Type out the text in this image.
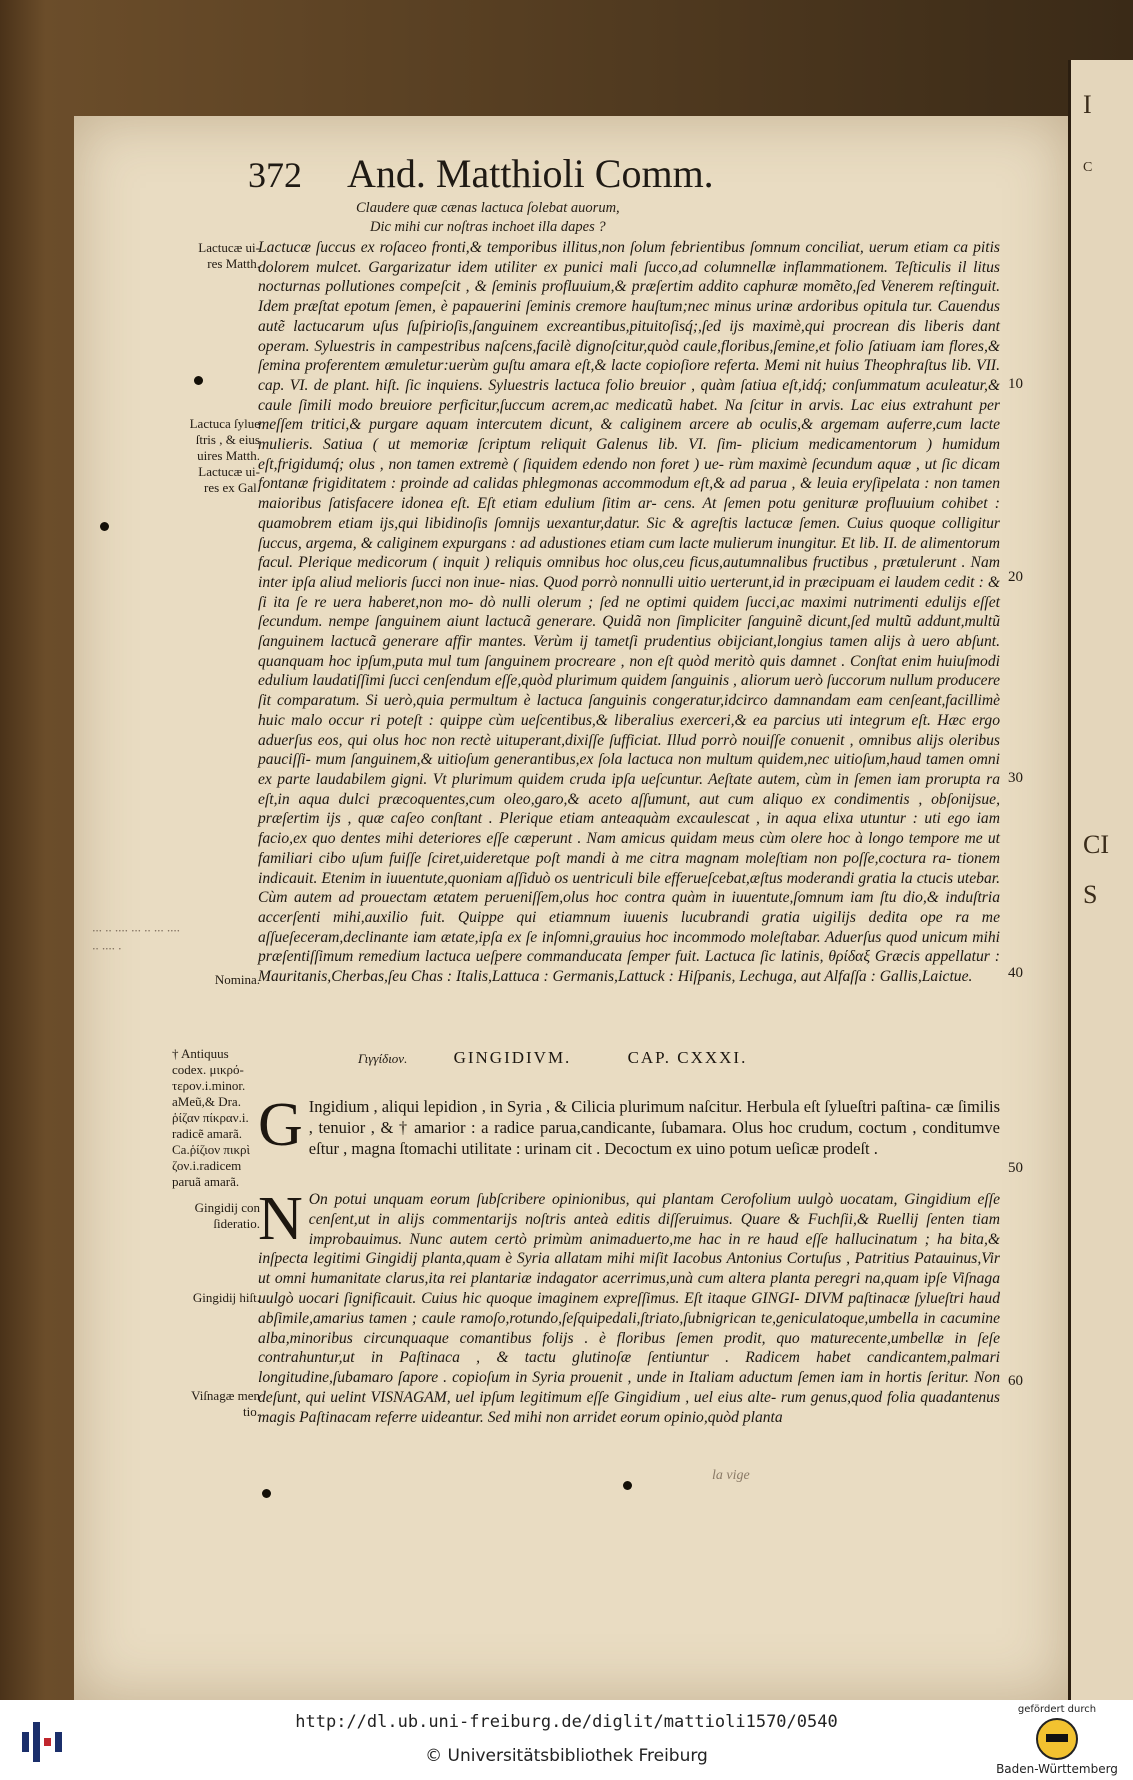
I
C
CI
S
372 And. Matthioli Comm.
Claudere quæ cænas lactuca ſolebat auorum,
Dic mihi cur noſtras inchoet illa dapes ?
Lactucæ ſuccus ex roſaceo fronti,& temporibus illitus,non ſolum febrientibus ſomnum conciliat, uerum etiam ca pitis dolorem mulcet. Gargarizatur idem utiliter ex punici mali ſucco,ad columnellæ inflammationem. Teſticulis il litus nocturnas pollutiones compeſcit , & ſeminis profluuium,& præſertim addito caphuræ momẽto,ſed Venerem reſtinguit. Idem præſtat epotum ſemen, è papauerini ſeminis cremore hauſtum;nec minus urinæ ardoribus opitula tur. Cauendus autẽ lactucarum uſus ſuſpirioſis,ſanguinem excreantibus,pituitoſisq́;,ſed ijs maximè,qui procrean dis liberis dant operam. Syluestris in campestribus naſcens,facilè dignoſcitur,quòd caule,floribus,ſemine,et folio ſatiuam iam flores,& ſemina proferentem æmuletur:uerùm guſtu amara eſt,& lacte copioſiore referta. Memi nit huius Theophraſtus lib. VII. cap. VI. de plant. hiſt. ſic inquiens. Syluestris lactuca folio breuior , quàm ſatiua eſt,idq́; conſummatum aculeatur,& caule ſimili modo breuiore perficitur,ſuccum acrem,ac medicatũ habet. Na ſcitur in arvis. Lac eius extrahunt per meſſem tritici,& purgare aquam intercutem dicunt, & caliginem arcere ab oculis,& argemam auferre,cum lacte mulieris. Satiua ( ut memoriæ ſcriptum reliquit Galenus lib. VI. ſim- plicium medicamentorum ) humidum eſt,frigidumq́; olus , non tamen extremè ( ſiquidem edendo non foret ) ue- rùm maximè ſecundum aquæ , ut ſic dicam fontanæ frigiditatem : proinde ad calidas phlegmonas accommodum eſt,& ad parua , & leuia eryſipelata : non tamen maioribus ſatisfacere idonea eſt. Eſt etiam edulium ſitim ar- cens. At ſemen potu genituræ profluuium cohibet : quamobrem etiam ijs,qui libidinoſis ſomnijs uexantur,datur. Sic & agreſtis lactucæ ſemen. Cuius quoque colligitur ſuccus, argema, & caliginem expurgans : ad adustiones etiam cum lacte mulierum inungitur. Et lib. II. de alimentorum facul. Plerique medicorum ( inquit ) reliquis omnibus hoc olus,ceu ficus,autumnalibus fructibus , prætulerunt . Nam inter ipſa aliud melioris ſucci non inue- nias. Quod porrò nonnulli uitio uerterunt,id in præcipuam ei laudem cedit : & ſi ita ſe re uera haberet,non mo- dò nulli olerum ; ſed ne optimi quidem ſucci,ac maximi nutrimenti edulijs eſſet ſecundum. nempe ſanguinem aiunt lactucã generare. Quidã non ſimpliciter ſanguinẽ dicunt,ſed multũ addunt,multũ ſanguinem lactucã generare affir mantes. Verùm ij tametſi prudentius obijciant,longius tamen alijs à uero abſunt. quanquam hoc ipſum,puta mul tum ſanguinem procreare , non eſt quòd meritò quis damnet . Conſtat enim huiuſmodi edulium laudatiſſimi ſucci cenſendum eſſe,quòd plurimum quidem ſanguinis , aliorum uerò ſuccorum nullum producere ſit comparatum. Si uerò,quia permultum è lactuca ſanguinis congeratur,idcirco damnandam eam cenſeant,facillimè huic malo occur ri poteſt : quippe cùm ueſcentibus,& liberalius exerceri,& ea parcius uti integrum eſt. Hæc ergo aduerſus eos, qui olus hoc non rectè uituperant,dixiſſe ſufficiat. Illud porrò nouiſſe conuenit , omnibus alijs oleribus pauciſſi- mum ſanguinem,& uitioſum generantibus,ex ſola lactuca non multum quidem,nec uitioſum,haud tamen omni ex parte laudabilem gigni. Vt plurimum quidem cruda ipſa ueſcuntur. Aeſtate autem, cùm in ſemen iam prorupta ra eſt,in aqua dulci præcoquentes,cum oleo,garo,& aceto aſſumunt, aut cum aliquo ex condimentis , obſonijsue, præſertim ijs , quæ caſeo conſtant . Plerique etiam anteaquàm excaulescat , in aqua elixa utuntur : uti ego iam facio,ex quo dentes mihi deteriores eſſe cæperunt . Nam amicus quidam meus cùm olere hoc à longo tempore me ut familiari cibo uſum fuiſſe ſciret,uideretque poſt mandi à me citra magnam moleſtiam non poſſe,coctura ra- tionem indicauit. Etenim in iuuentute,quoniam aſſiduò os uentriculi bile efferueſcebat,æſtus moderandi gratia la ctucis utebar. Cùm autem ad prouectam ætatem perueniſſem,olus hoc contra quàm in iuuentute,ſomnum iam ſtu dio,& induſtria accerſenti mihi,auxilio fuit. Quippe qui etiamnum iuuenis lucubrandi gratia uigilijs dedita ope ra me aſſueſeceram,declinante iam ætate,ipſa ex ſe inſomni,grauius hoc incommodo moleſtabar. Aduerſus quod unicum mihi præſentiſſimum remedium lactuca ueſpere commanducata ſemper fuit. Lactuca ſic latinis, θρίδαξ Græcis appellatur : Mauritanis,Cherbas,ſeu Chas : Italis,Lattuca : Germanis,Lattuck : Hiſpanis, Lechuga, aut Alfaſſa : Gallis,Laictue.
Lactucæ ui-
res Matth.
Lactuca ſylue
ſtris , & eius
uires Matth.
Lactucæ ui-
res ex Gal.
Nomina.
† Antiquus
codex. μικρό-
τερον.i.minor.
aMeũ,& Dra.
ῥίζαν πίκραν.i.
radicẽ amarã.
Ca.ῥίζιον πικρὶ
ζον.i.radicem
paruã amarã.
Gingidij con
ſideratio.
Gingidij hiſt.
Viſnagæ men
tio.
··· ·· ···· ··· ·· ··· ···· ·· ···· ·
10
20
30
40
50
60
Γιγγίδιον.	GINGIDIVM.	CAP. CXXXI.
G Ingidium , aliqui lepidion , in Syria , & Cilicia plurimum naſcitur. Herbula eſt ſylueſtri paſtina- cæ ſimilis , tenuior , & † amarior : a radice parua,candicante, ſubamara. Olus hoc crudum, coctum , conditumve eſtur , magna ſtomachi utilitate : urinam cit . Decoctum ex uino potum ueſicæ prodeſt .
N On potui unquam eorum ſubſcribere opinionibus, qui plantam Cerofolium uulgò uocatam, Gingidium eſſe cenſent,ut in alijs commentarijs noſtris anteà editis diſſeruimus. Quare & Fuchſii,& Ruellij ſenten tiam improbauimus. Nunc autem certò primùm animaduerto,me hac in re haud eſſe hallucinatum ; ha bita,& inſpecta legitimi Gingidij planta,quam è Syria allatam mihi miſit Iacobus Antonius Cortuſus , Patritius Patauinus,Vir ut omni humanitate clarus,ita rei plantariæ indagator acerrimus,unà cum altera planta peregri na,quam ipſe Viſnaga uulgò uocari ſignificauit. Cuius hic quoque imaginem expreſſimus. Eſt itaque GINGI- DIVM paſtinacæ ſylueſtri haud abſimile,amarius tamen ; caule ramoſo,rotundo,ſeſquipedali,ſtriato,ſubnigrican te,geniculatoque,umbella in cacumine alba,minoribus circunquaque comantibus folijs . è floribus ſemen prodit, quo maturecente,umbellæ in ſeſe contrahuntur,ut in Paſtinaca , & tactu glutinoſæ ſentiuntur . Radicem habet candicantem,palmari longitudine,ſubamaro ſapore . copioſum in Syria prouenit , unde in Italiam aductum ſemen iam in hortis ſeritur. Non deſunt, qui uelint VISNAGAM, uel ipſum legitimum eſſe Gingidium , uel eius alte- rum genus,quod folia quadantenus magis Paſtinacam referre uideantur. Sed mihi non arridet eorum opinio,quòd planta
la vige
http://dl.ub.uni-freiburg.de/diglit/mattioli1570/0540
© Universitätsbibliothek Freiburg
gefördert durch
Baden-Württemberg
